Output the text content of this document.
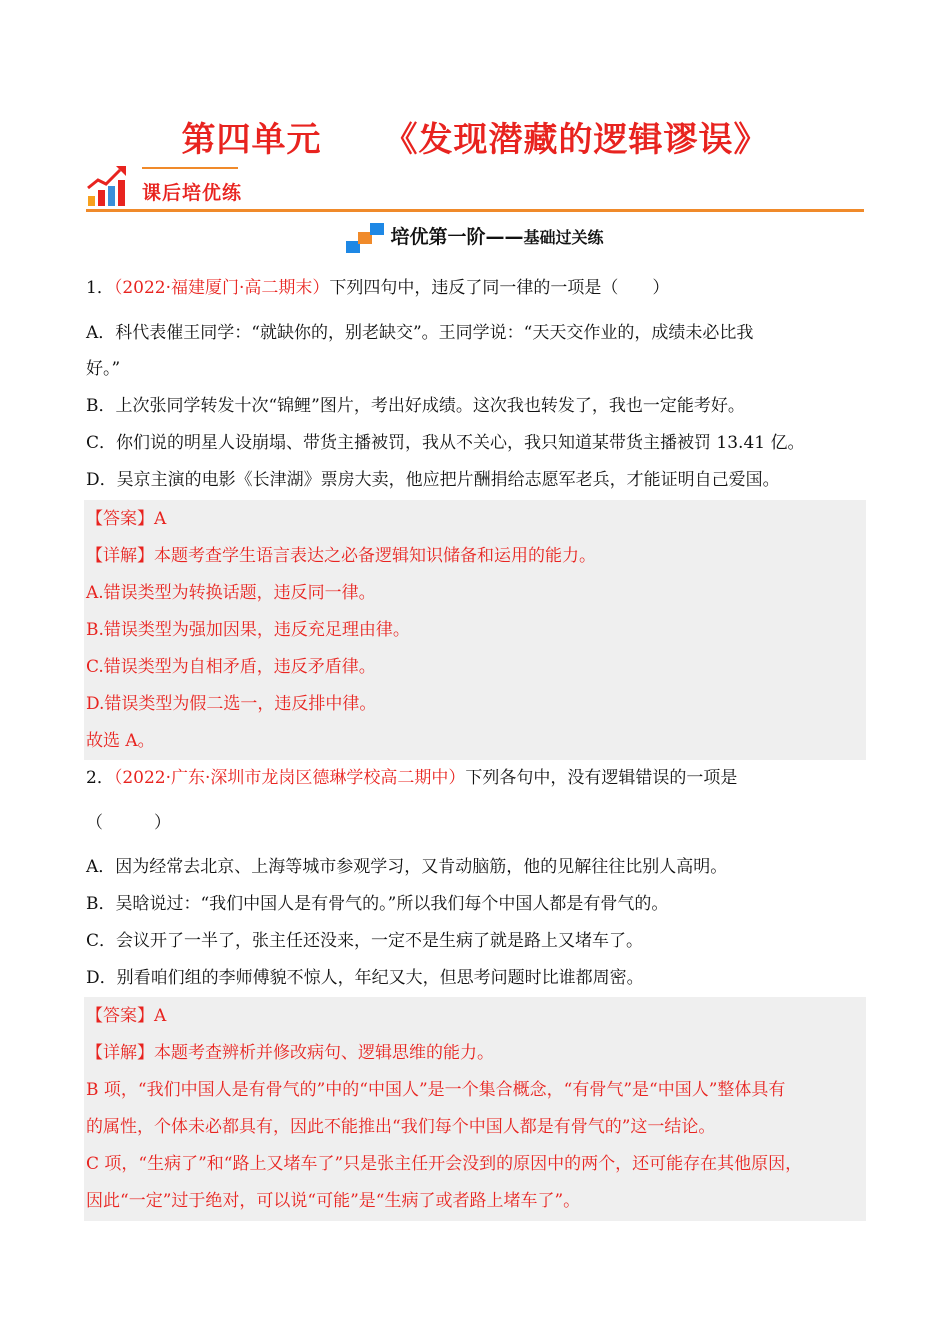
第四单元 《发现潜藏的逻辑谬误》
课后培优练
培优第一阶——基础过关练
1．（2022·福建厦门·高二期末）下列四句中，违反了同一律的一项是（　　）
A．科代表催王同学：“就缺你的，别老缺交”。王同学说：“天天交作业的，成绩未必比我
好。”
B．上次张同学转发十次“锦鲤”图片，考出好成绩。这次我也转发了，我也一定能考好。
C．你们说的明星人设崩塌、带货主播被罚，我从不关心，我只知道某带货主播被罚 13.41 亿。
D．吴京主演的电影《长津湖》票房大卖，他应把片酬捐给志愿军老兵，才能证明自己爱国。
【答案】A
【详解】本题考查学生语言表达之必备逻辑知识储备和运用的能力。
A.错误类型为转换话题，违反同一律。
B.错误类型为强加因果，违反充足理由律。
C.错误类型为自相矛盾，违反矛盾律。
D.错误类型为假二选一，违反排中律。
故选 A。
2．（2022·广东·深圳市龙岗区德琳学校高二期中）下列各句中，没有逻辑错误的一项是
（　　　）
A．因为经常去北京、上海等城市参观学习，又肯动脑筋，他的见解往往比别人高明。
B．吴晗说过：“我们中国人是有骨气的。”所以我们每个中国人都是有骨气的。
C．会议开了一半了，张主任还没来，一定不是生病了就是路上又堵车了。
D．别看咱们组的李师傅貌不惊人，年纪又大，但思考问题时比谁都周密。
【答案】A
【详解】本题考查辨析并修改病句、逻辑思维的能力。
B 项，“我们中国人是有骨气的”中的“中国人”是一个集合概念，“有骨气”是“中国人”整体具有
的属性，个体未必都具有，因此不能推出“我们每个中国人都是有骨气的”这一结论。
C 项，“生病了”和“路上又堵车了”只是张主任开会没到的原因中的两个，还可能存在其他原因，
因此“一定”过于绝对，可以说“可能”是“生病了或者路上堵车了”。
